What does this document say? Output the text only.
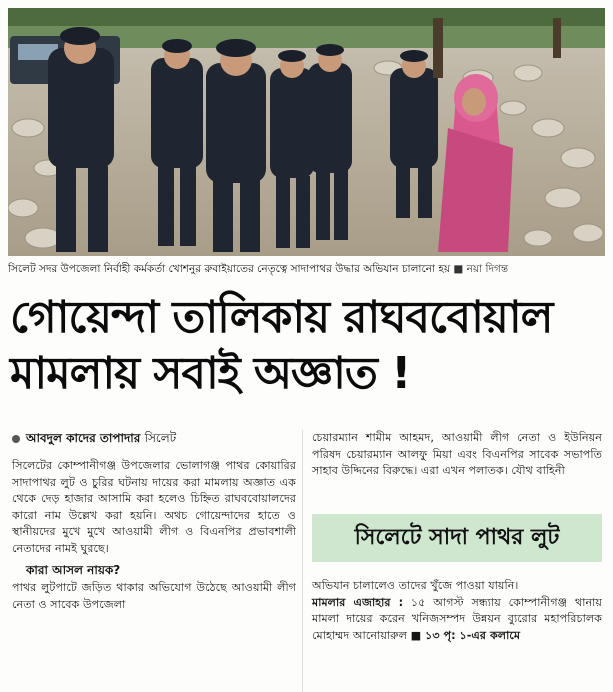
সিলেট সদর উপজেলা নির্বাহী কর্মকর্তা খোশনুর রুবাইয়াতের নেতৃত্বে সাদাপাথর উদ্ধার অভিযান চালানো হয় ■ নয়া দিগন্ত
গোয়েন্দা তালিকায় রাঘববোয়াল
মামলায় সবাই অজ্ঞাত !
আবদুল কাদের তাপাদার সিলেট
সিলেটের কোম্পানীগঞ্জ উপজেলার ভোলাগঞ্জ পাথর কোয়ারির সাদাপাথর লুট ও চুরির ঘটনায় দায়ের করা মামলায় অজ্ঞাত এক থেকে দেড় হাজার আসামি করা হলেও চিহ্নিত রাঘববোয়ালদের কারো নাম উল্লেখ করা হয়নি। অথচ গোয়েন্দাদের হাতে ও স্থানীয়দের মুখে মুখে আওয়ামী লীগ ও বিএনপির প্রভাবশালী নেতাদের নামই ঘুরছে।
কারা আসল নায়ক?
পাথর লুটপাটে জড়িত থাকার অভিযোগ উঠেছে আওয়ামী লীগ নেতা ও সাবেক উপজেলা
চেয়ারম্যান শামীম আহমদ, আওয়ামী লীগ নেতা ও ইউনিয়ন পরিষদ চেয়ারম্যান আলফু মিয়া এবং বিএনপির সাবেক সভাপতি সাহাব উদ্দিনের বিরুদ্ধে। এরা এখন পলাতক। যৌথ বাহিনী
সিলেটে সাদা পাথর লুট
অভিযান চালালেও তাদের খুঁজে পাওয়া যায়নি।
মামলার এজাহার : ১৫ আগস্ট সন্ধ্যায় কোম্পানীগঞ্জ থানায় মামলা দায়ের করেন খনিজসম্পদ উন্নয়ন ব্যুরোর মহাপরিচালক মোহাম্মদ আনোয়ারুল ■ ১৩ পৃ: ১-এর কলামে
